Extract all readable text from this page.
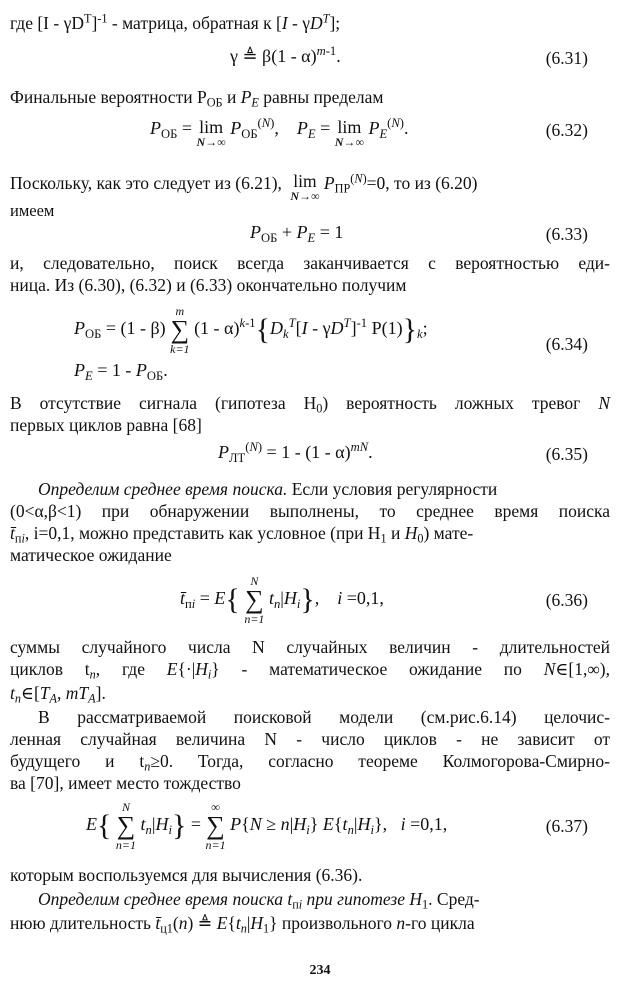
где $[I - \gamma D^T]^{-1}$ - матрица, обратная к $[I - \gamma D^T]$;
γ ≜ β(1 - α)$^{m-1}$.	(6.31)
Финальные вероятности $P_{ОБ}$ и $P_E$ равны пределам
$P_{ОБ} = \lim$
N→∞
$P_{ОБ}^{(N)}$,    $P_E = \lim$
N→∞
$P_E^{(N)}$.	(6.32)
Поскольку, как это следует из (6.21), lim
N→∞
$P_{ПР}^{(N)}=0$, то из (6.20)
имеем
$P_{ОБ} + P_E = 1$	(6.33)
и, следовательно, поиск всегда заканчивается с вероятностью еди-
ница. Из (6.30), (6.32) и (6.33) окончательно получим
$P_{ОБ} = (1 - \beta)$
m
∑
k=1
$(1 - \alpha)^{k-1}\{D_k^T[I - \gamma D^T]^{-1}$ $P(1)\}_k$;
$P_E = 1 - P_{ОБ}$.
(6.34)
В отсутствие сигнала (гипотеза $H_0$) вероятность ложных тревог N
первых циклов равна [68]
$P_{ЛТ}^{(N)} = 1 - (1 - \alpha)^{mN}$.	(6.35)
Определим среднее время поиска. Если условия регулярности
(0<α,β<1) при обнаружении выполнены, то среднее время поиска
$t̄_{пi}$, i=0,1, можно представить как условное (при $H_1$ и $H_0$) мате-
матическое ожидание
$t̄_{пi} = E${
N
∑
n=1
$t_n|H_i$},    i =0,1,	(6.36)
суммы случайного числа N случайных величин - длительностей
циклов $t_n$, где $E\{\cdot|H_i\}$ - математическое ожидание по N∈[1,∞),
$t_n\in[T_A$, $mT_A$].
В рассматриваемой поисковой модели (см.рис.6.14) целочис-
ленная случайная величина N - число циклов - не зависит от
будущего и $t_n\ge 0$. Тогда, согласно теореме Колмогорова-Смирно-
ва [70], имеет место тождество
E{
N
∑
n=1
$t_n|H_i$} =
∞
∑
n=1
$P\{N \ge n|H_i\}$ $E\{t_n|H_i\}$,   i =0,1,	(6.37)
которым воспользуемся для вычисления (6.36).
Определим среднее время поиска $t_{пi}$ при гипотезе $H_1$. Сред-
нюю длительность $t̄_{ц1}(n)$ ≜ $E\{t_n|H_1\}$ произвольного n-го цикла
234
